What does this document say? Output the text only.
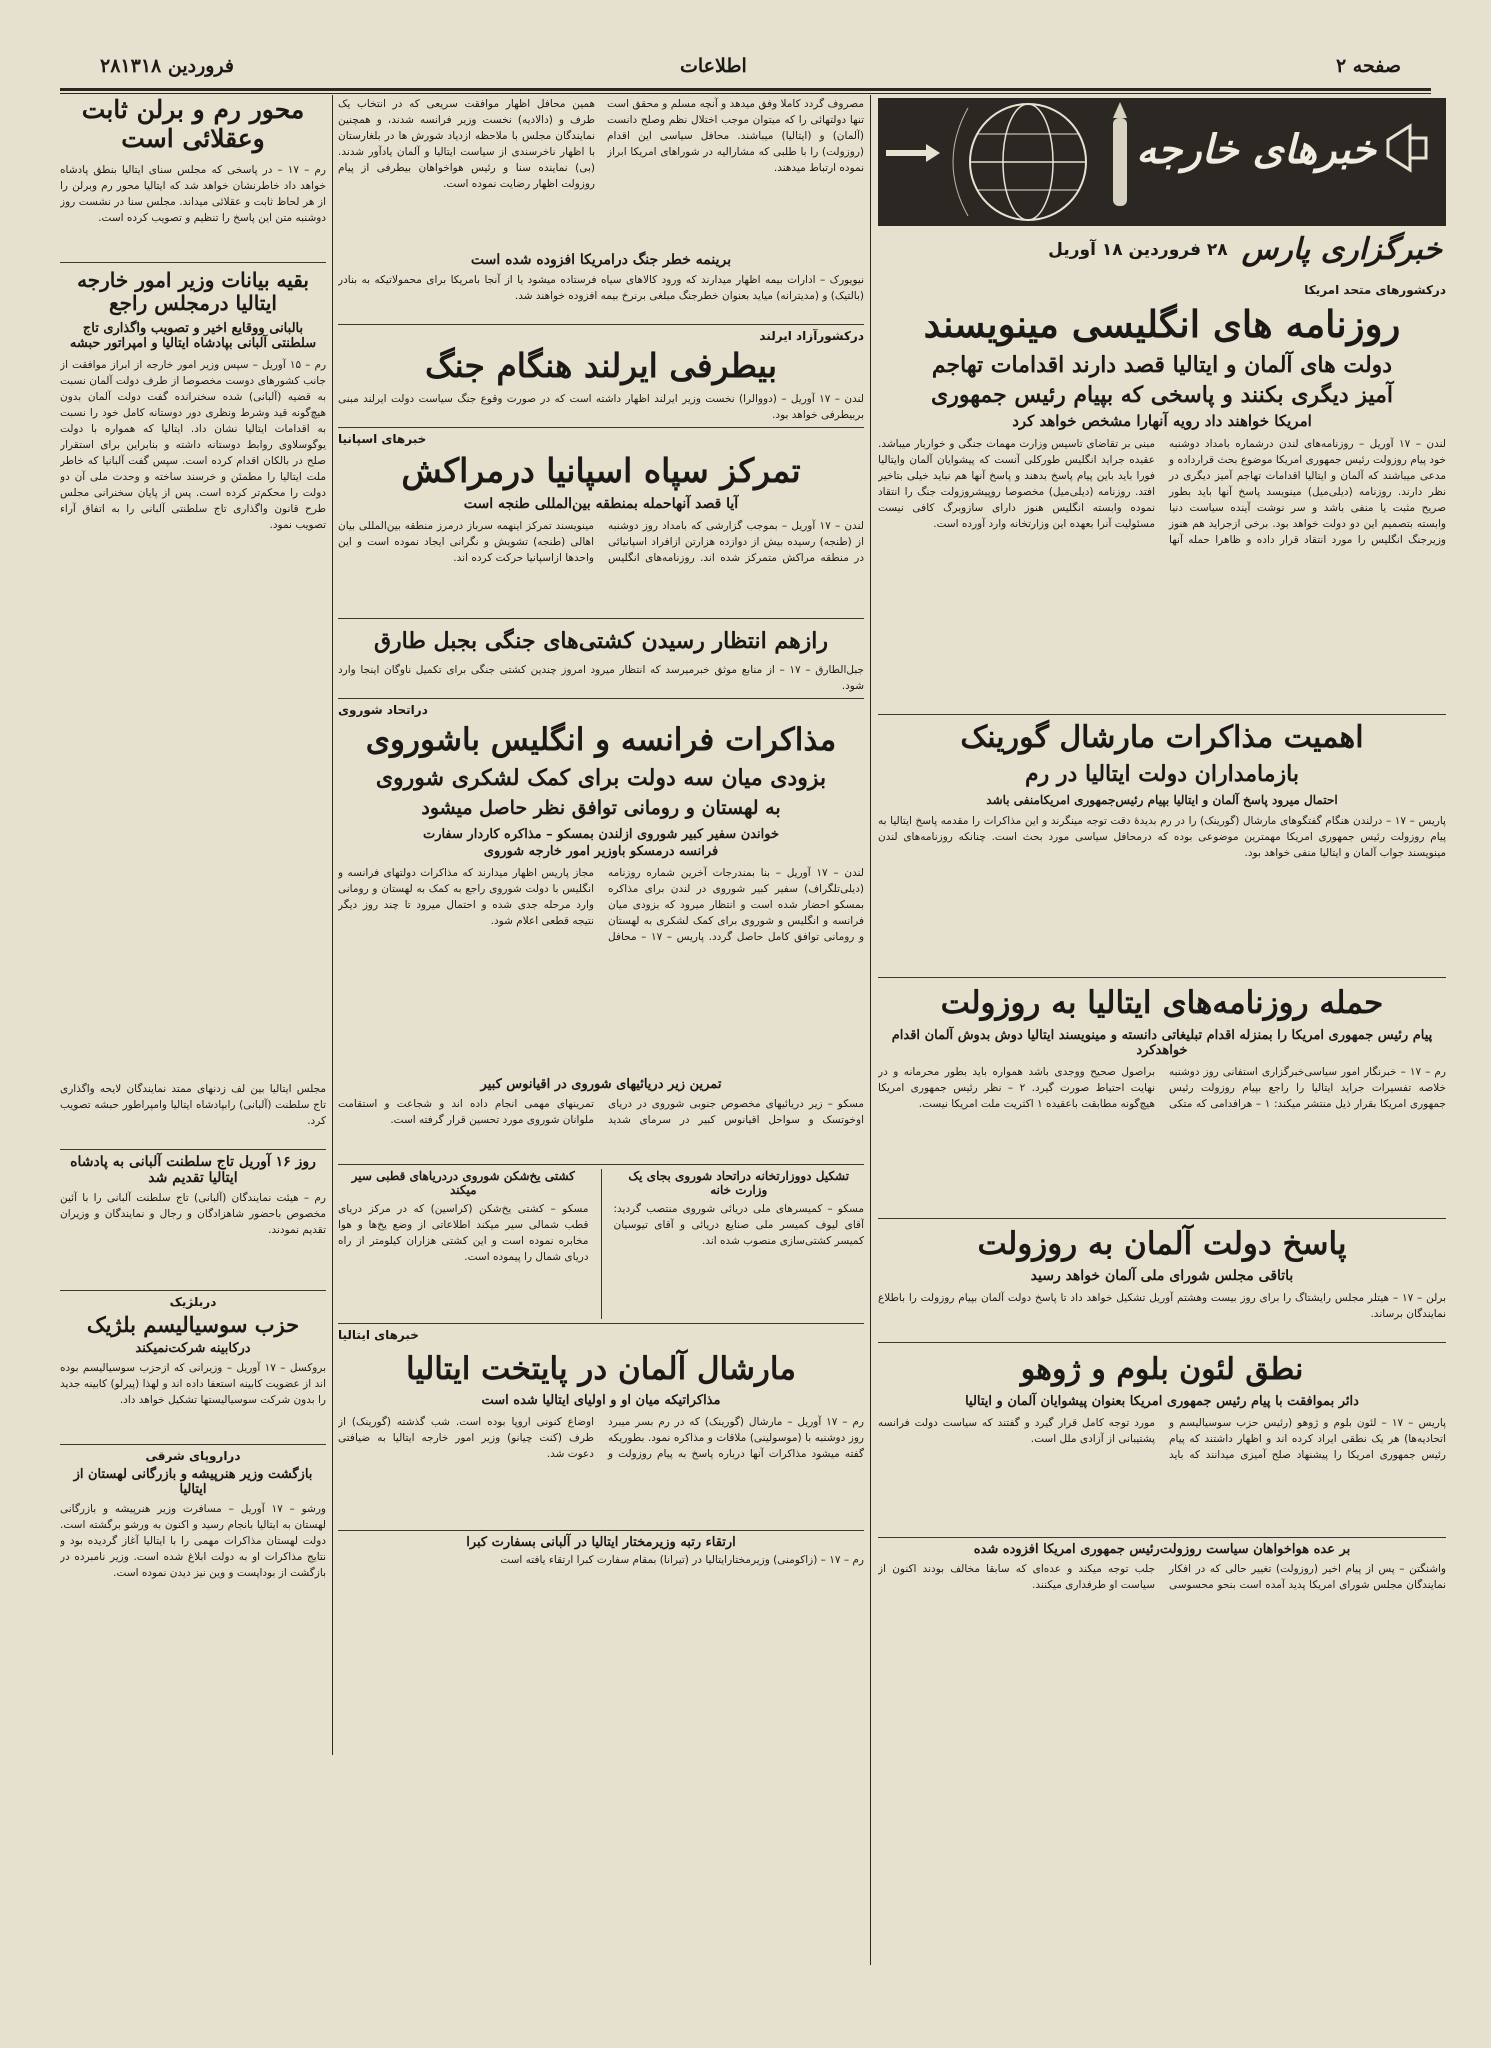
صفحه ۲
اطلاعات
۲۸فروردین ۱۳۱۸
خبرهای خارجه
خبرگزاری پارس
۲۸ فروردین ۱۸ آوریل

درکشورهای متحد امریکا

روزنامه های انگلیسی مینویسند
دولت های آلمان و ایتالیا قصد دارند اقدامات تهاجم
آمیز دیگری بکنند و پاسخی که بپیام رئیس جمهوری
امریکا خواهند داد رویه آنهارا مشخص خواهد کرد

لندن – ۱۷ آوریل – روزنامه‌های لندن درشماره بامداد دوشنبه خود پیام روزولت رئیس جمهوری امریکا موضوع بحث قرارداده و مدعی میباشند که آلمان و ایتالیا اقدامات تهاجم آمیز دیگری در نظر دارند. روزنامه (دیلی‌میل) مینویسد پاسخ آنها باید بطور صریح مثبت یا منفی باشد و سر نوشت آینده سیاست دنیا وابسته بتصمیم این دو دولت خواهد بود. برخی ازجراید هم هنوز وزیرجنگ انگلیس را مورد انتقاد قرار داده و ظاهرا حمله آنها مبنی بر تقاضای تاسیس وزارت مهمات جنگی و خواربار میباشد. عقیده جراید انگلیس طورکلی آنست که پیشوایان آلمان وایتالیا فورا باید باین پیام پاسخ بدهند و پاسخ آنها هم نباید خیلی بتاخیر افتد. روزنامه (دیلی‌میل) مخصوصا روپیشروزولت جنگ را انتقاد نموده وابسته انگلیس هنوز دارای سازوبرگ کافی نیست مسئولیت آنرا بعهده این وزارتخانه وارد آورده است.

اهمیت مذاکرات مارشال گورینک
بازمامداران دولت ایتالیا در رم
احتمال میرود پاسخ آلمان و ایتالیا بپیام رئیس‌جمهوری امریکامنفی باشد

پاریس – ۱۷ – درلندن هنگام گفتگوهای مارشال (گورینک) را در رم بدیدهٔ دقت توجه مینگرند و این مذاکرات را مقدمه پاسخ ایتالیا به پیام روزولت رئیس جمهوری امریکا مهمترین موضوعی بوده که درمحافل سیاسی مورد بحث است. چنانکه روزنامه‌های لندن مینویسند جواب آلمان و ایتالیا منفی خواهد بود.

حمله روزنامه‌های ایتالیا به روزولت
پیام رئیس جمهوری امریکا را بمنزله اقدام تبلیغاتی دانسته و مینویسند ایتالیا دوش بدوش آلمان اقدام خواهدکرد

رم – ۱۷ – خبرنگار امور سیاسی‌خبرگزاری استفانی روز دوشنبه خلاصه تفسیرات جراید ایتالیا را راجع بپیام روزولت رئیس جمهوری امریکا بقرار ذیل منتشر میکند: ۱ – هرافدامی که متکی براصول صحیح ووجدی باشد همواره باید بطور محرمانه و در نهایت احتیاط صورت گیرد. ۲ – نظر رئیس جمهوری امریکا هیچ‌گونه مطابقت باعقیده ۱ اکثریت ملت امریکا نیست.

پاسخ دولت آلمان به روزولت
باتاقی مجلس شورای ملی آلمان خواهد رسید

برلن – ۱۷ – هیتلر مجلس رایشتاگ را برای روز بیست وهشتم آوریل تشکیل خواهد داد تا پاسخ دولت آلمان بپیام روزولت را باطلاع نمایندگان برساند.

نطق لئون بلوم و ژوهو
دائر بموافقت با پیام رئیس جمهوری امریکا بعنوان پیشوایان آلمان و ایتالیا

پاریس – ۱۷ – لئون بلوم و ژوهو (رئیس حزب سوسیالیسم و اتحادیه‌ها) هر یک نطقی ایراد کرده اند و اظهار داشتند که پیام رئیس جمهوری امریکا را پیشنهاد صلح آمیزی میدانند که باید مورد توجه کامل قرار گیرد و گفتند که سیاست دولت فرانسه پشتیبانی از آزادی ملل است.

بر عده هواخواهان سیاست روزولت‌رئیس جمهوری امریکا افزوده شده

واشنگتن – پس از پیام اخیر (روزولت) تغییر حالی که در افکار نمایندگان مجلس شورای امریکا پدید آمده است بنحو محسوسی جلب توجه میکند و عده‌ای که سابقا مخالف بودند اکنون از سیاست او طرفداری میکنند.

مصروف گردد کاملا وفق میدهد و آنچه مسلم و محقق است تنها دولتهائی را که میتوان موجب اختلال نظم وصلح دانست (آلمان) و (ایتالیا) میباشند. محافل سیاسی این اقدام (روزولت) را با طلبی که مشاراليه در شوراهای امریکا ابراز نموده ارتباط میدهند.

همین محافل اظهار موافقت سریعی که در انتخاب یک طرف و (دالادیه) نخست وزیر فرانسه شدند، و همچنین نمایندگان مجلس با ملاحظه ازدیاد شورش ها در بلغارستان با اظهار ناخرسندی از سیاست ایتالیا و آلمان یادآور شدند. (بی) نماینده سنا و رئیس هواخواهان بیطرفی از پیام روزولت اظهار رضایت نموده است.

برینمه خطر جنگ درامریکا افزوده شده است

نیویورک – ادارات بیمه اظهار میدارند که ورود کالاهای سیاه فرستاده میشود یا از آنجا بامریکا برای محمولاتیکه به بنادر (بالتیک) و (مدیترانه) میاید بعنوان خطرجنگ مبلغی برنرخ بیمه افزوده خواهند شد.

درکشورآزاد ایرلند

بیطرفی ایرلند هنگام جنگ

لندن – ۱۷ آوریل – (دووالرا) نخست وزیر ایرلند اظهار داشته است که در صورت وقوع جنگ سیاست دولت ایرلند مبنی بربیطرفی خواهد بود.

خبرهای اسپانیا

تمرکز سپاه اسپانیا درمراکش
آیا قصد آنهاحمله بمنطقه بین‌المللی طنجه است

لندن – ۱۷ آوریل – بموجب گزارشی که بامداد روز دوشنبه از (طنجه) رسیده بیش از دوازده هزارتن ازافراد اسپانیائی در منطقه مراکش متمرکز شده اند. روزنامه‌های انگلیس مینویسند تمرکز اینهمه سرباز درمرز منطقه بین‌المللی بیان اهالی (طنجه) تشویش و نگرانی ایجاد نموده است و این واحدها ازاسپانیا حرکت کرده اند.

رازهم انتظار رسیدن کشتی‌های جنگی بجبل طارق

جبل‌الطارق – ۱۷ – از منابع موثق خبرمیرسد که انتظار میرود امروز چندین کشتی جنگی برای تکمیل ناوگان اینجا وارد شود.

دراتحاد شوروی

مذاکرات فرانسه و انگلیس باشوروی
بزودی میان سه دولت برای کمک لشکری شوروی
به لهستان و رومانی توافق نظر حاصل میشود
خواندن سفیر کبیر شوروی ازلندن بمسکو – مذاکره کاردار سفارت
فرانسه درمسکو باوزیر امور خارجه شوروی

لندن – ۱۷ آوریل – بنا بمندرجات آخرین شماره روزنامه (دیلی‌تلگراف) سفیر کبیر شوروی در لندن برای مذاکره بمسکو احضار شده است و انتظار میرود که بزودی میان فرانسه و انگلیس و شوروی برای کمک لشکری به لهستان و رومانی توافق کامل حاصل گردد. پاریس – ۱۷ – محافل مجاز پاریس اظهار میدارند که مذاکرات دولتهای فرانسه و انگلیس با دولت شوروی راجع به کمک به لهستان و رومانی وارد مرحله جدی شده و احتمال میرود تا چند روز دیگر نتیجه قطعی اعلام شود.

تمرین زیر دریائیهای شوروی در اقیانوس کبیر

مسکو – زیر دریائیهای مخصوص جنوبی شوروی در دریای اوخوتسک و سواحل اقیانوس کبیر در سرمای شدید تمرینهای مهمی انجام داده اند و شجاعت و استقامت ملوانان شوروی مورد تحسین قرار گرفته است.

تشکیل دووزارتخانه دراتحاد شوروی بجای یک وزارت خانه

مسکو – کمیسرهای ملی دریائی شوروی منتصب گردید: آقای لیوف کمیسر ملی صنایع دریائی و آقای تیوسیان کمیسر کشتی‌سازی منصوب شده اند.

کشتی یخ‌شکن شوروی دردریاهای قطبی سیر میکند

مسکو – کشتی یخ‌شکن (کراسین) که در مرکز دریای قطب شمالی سیر میکند اطلاعاتی از وضع یخ‌ها و هوا مخابره نموده است و این کشتی هزاران کیلومتر از راه دریای شمال را پیموده است.

خبرهای ایتالیا

مارشال آلمان در پایتخت ایتالیا
مذاکراتیکه میان او و اولیای ایتالیا شده است

رم – ۱۷ آوریل – مارشال (گورینک) که در رم بسر میبرد روز دوشنبه با (موسولینی) ملاقات و مذاکره نمود. بطوریکه گفته میشود مذاکرات آنها درباره پاسخ به پیام روزولت و اوضاع کنونی اروپا بوده است. شب گذشته (گورینک) از طرف (کنت چیانو) وزیر امور خارجه ایتالیا به ضیافتی دعوت شد.

ارتقاء رتبه وزیرمختار ایتالیا در آلبانی بسفارت کبرا

رم – ۱۷ – (زاکومنی) وزیرمختارایتالیا در (تیرانا) بمقام سفارت کبرا ارتقاء یافته است

محور رم و برلن ثابت وعقلائی است

رم – ۱۷ – در پاسخی که مجلس سنای ایتالیا بنطق پادشاه خواهد داد خاطرنشان خواهد شد که ایتالیا محور رم وبرلن را از هر لحاظ ثابت و عقلائی میداند. مجلس سنا در نشست روز دوشنبه متن این پاسخ را تنظیم و تصویب کرده است.

بقیه بیانات وزیر امور خارجه ایتالیا درمجلس راجع
بالبانی ووقایع اخیر و تصویب واگذاری تاج سلطنتی آلبانی بپادشاه ایتالیا و امپراتور حبشه

رم – ۱۵ آوریل – سپس وزیر امور خارجه از ابراز موافقت از جانب کشورهای دوست مخصوصا از طرف دولت آلمان نسبت به قضیه (آلبانی) شده سخنرانده گفت دولت آلمان بدون هیچ‌گونه قید وشرط ونظری دور دوستانه کامل خود را نسبت به اقدامات ایتالیا نشان داد. ایتالیا که همواره با دولت یوگوسلاوی روابط دوستانه داشته و بنابراین برای استقرار صلح در بالکان اقدام کرده است. سپس گفت آلبانیا که خاطر ملت ایتالیا را مطمئن و خرسند ساخته و وحدت ملی آن دو دولت را محکم‌تر کرده است. پس از پایان سخنرانی مجلس طرح قانون واگذاری تاج سلطنتی آلبانی را به اتفاق آراء تصویب نمود.

مجلس ایتالیا بین لف زدنهای ممتد نمایندگان لایحه واگذاری تاج سلطنت (آلبانی) رابپادشاه ایتالیا وامپراطور حبشه تصویب کرد.

روز ۱۶ آوریل تاج سلطنت آلبانی به پادشاه ایتالیا تقدیم شد

رم – هیئت نمایندگان (آلبانی) تاج سلطنت آلبانی را با آئین مخصوص باحضور شاهزادگان و رجال و نمایندگان و وزیران تقدیم نمودند.

دربلژیک

حزب سوسیالیسم بلژیک
درکابینه شرکت‌نمیکند

بروکسل – ۱۷ آوریل – وزیرانی که ازحزب سوسیالیسم بوده اند از عضویت کابینه استعفا داده اند و لهذا (پیرلو) کابینه جدید را بدون شرکت سوسیالیستها تشکیل خواهد داد.

دراروپای شرقی

بازگشت وزیر هنرپیشه و بازرگانی لهستان از ایتالیا

ورشو – ۱۷ آوریل – مسافرت وزیر هنرپیشه و بازرگانی لهستان به ایتالیا بانجام رسید و اکنون به ورشو برگشته است. دولت لهستان مذاکرات مهمی را با ایتالیا آغاز گردیده بود و نتایج مذاکرات او به دولت ابلاغ شده است. وزیر نامبرده در بازگشت از بوداپست و وین نیز دیدن نموده است.
